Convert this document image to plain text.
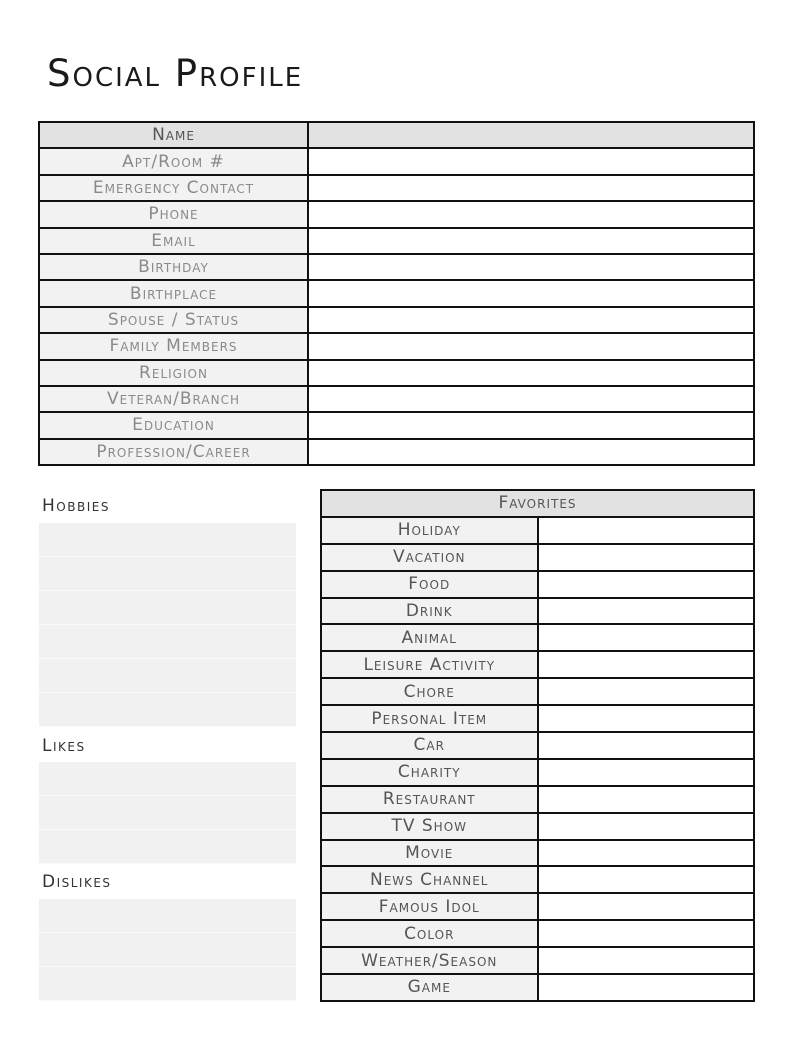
Social Profile
Name	
Apt/Room #	
Emergency Contact	
Phone	
Email	
Birthday	
Birthplace	
Spouse / Status	
Family Members	
Religion	
Veteran/Branch	
Education	
Profession/Career	
Hobbies
Likes
Dislikes
Favorites	
Holiday	
Vacation	
Food	
Drink	
Animal	
Leisure Activity	
Chore	
Personal Item	
Car	
Charity	
Restaurant	
TV Show	
Movie	
News Channel	
Famous Idol	
Color	
Weather/Season	
Game	
